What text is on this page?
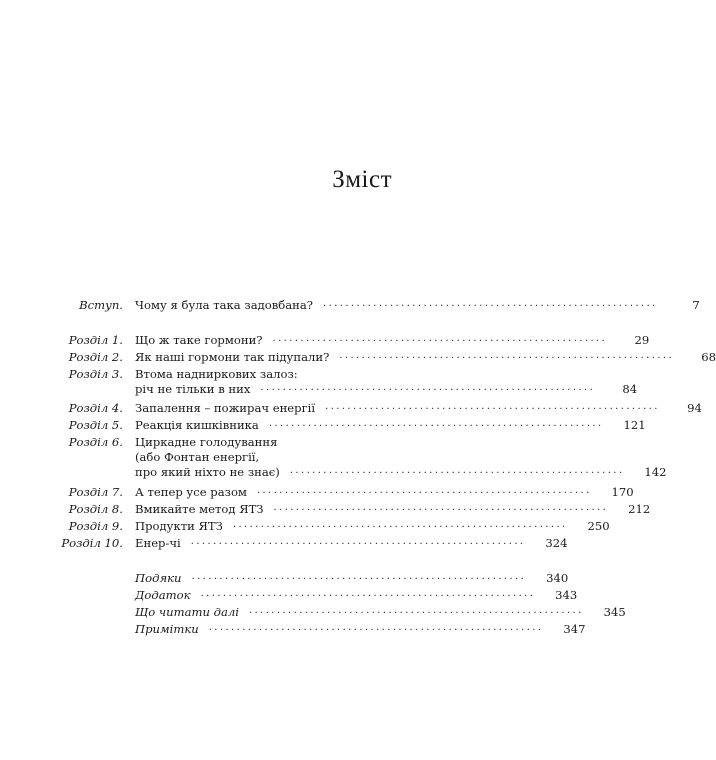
Зміст
Вступ. Чому я була така задовбана? ····························································	7
Розділ 1. Що ж таке гормони? ····························································	29
Розділ 2. Як наші гормони так підупали? ····························································	68
Розділ 3. Втома надниркових залоз:
річ не тільки в них ····························································	84
Розділ 4. Запалення – пожирач енергії ····························································	94
Розділ 5. Реакція кишківника ····························································	121
Розділ 6. Циркадне голодування
(або Фонтан енергії,
про який ніхто не знає) ····························································	142
Розділ 7. А тепер усе разом ····························································	170
Розділ 8. Вмикайте метод ЯТЗ ····························································	212
Розділ 9. Продукти ЯТЗ ····························································	250
Розділ 10. Енер-чі ····························································	324
Подяки ····························································	340
Додаток ····························································	343
Що читати далі ····························································	345
Примітки ····························································	347
